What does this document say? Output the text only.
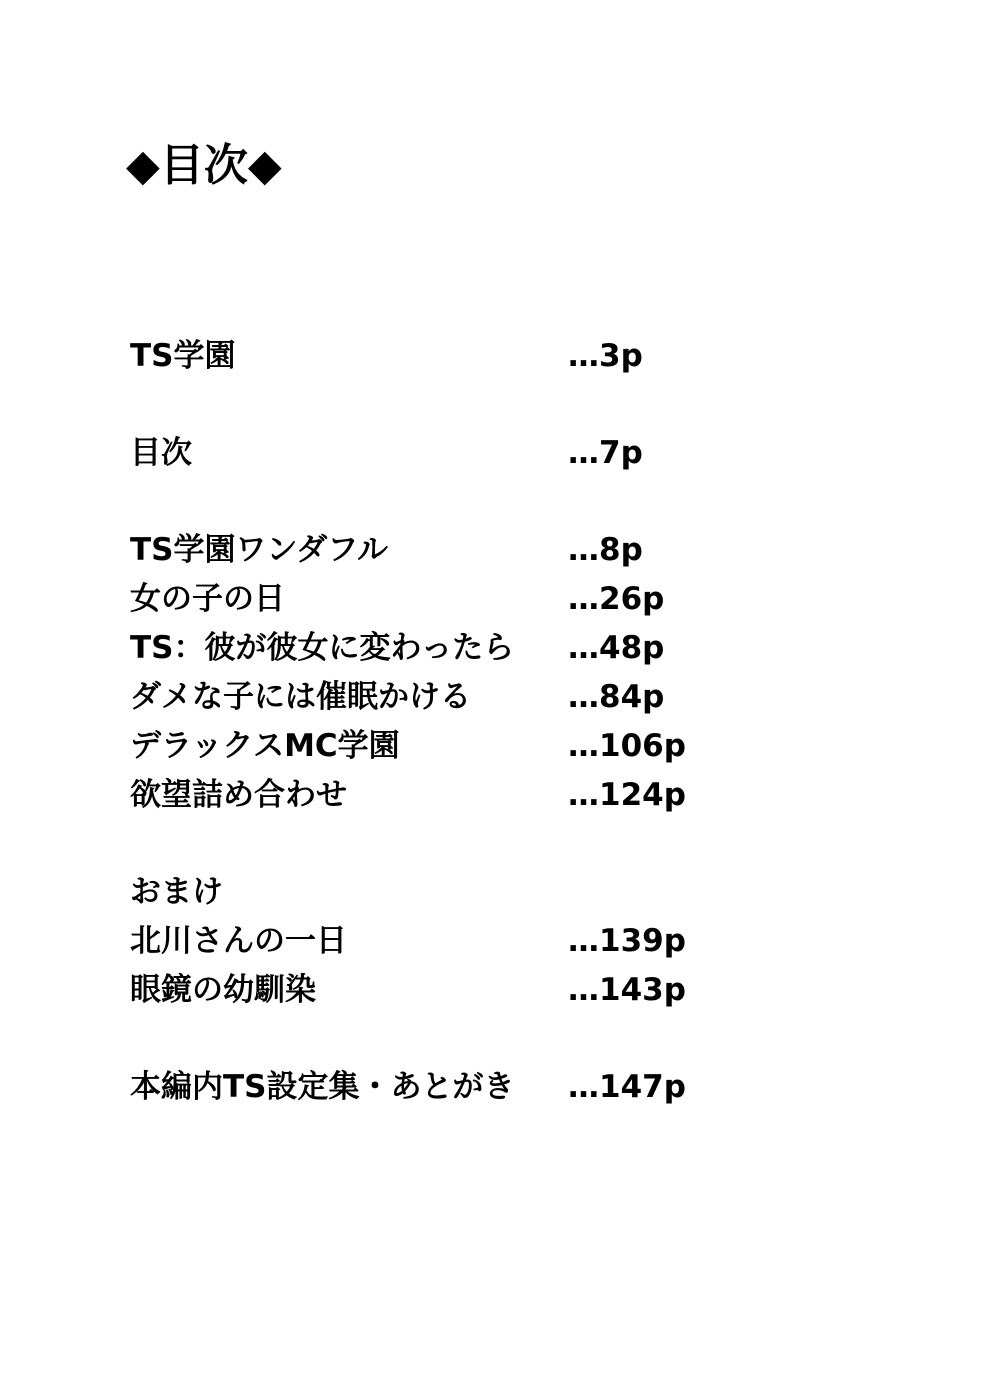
◆目次◆
TS学園	…3p
目次	…7p
TS学園ワンダフル	…8p
女の子の日	…26p
TS：彼が彼女に変わったら …48p
ダメな子には催眠かける	…84p
デラックスMC学園	…106p
欲望詰め合わせ	…124p
おまけ
北川さんの一日	…139p
眼鏡の幼馴染	…143p
本編内TS設定集・あとがき …147p
